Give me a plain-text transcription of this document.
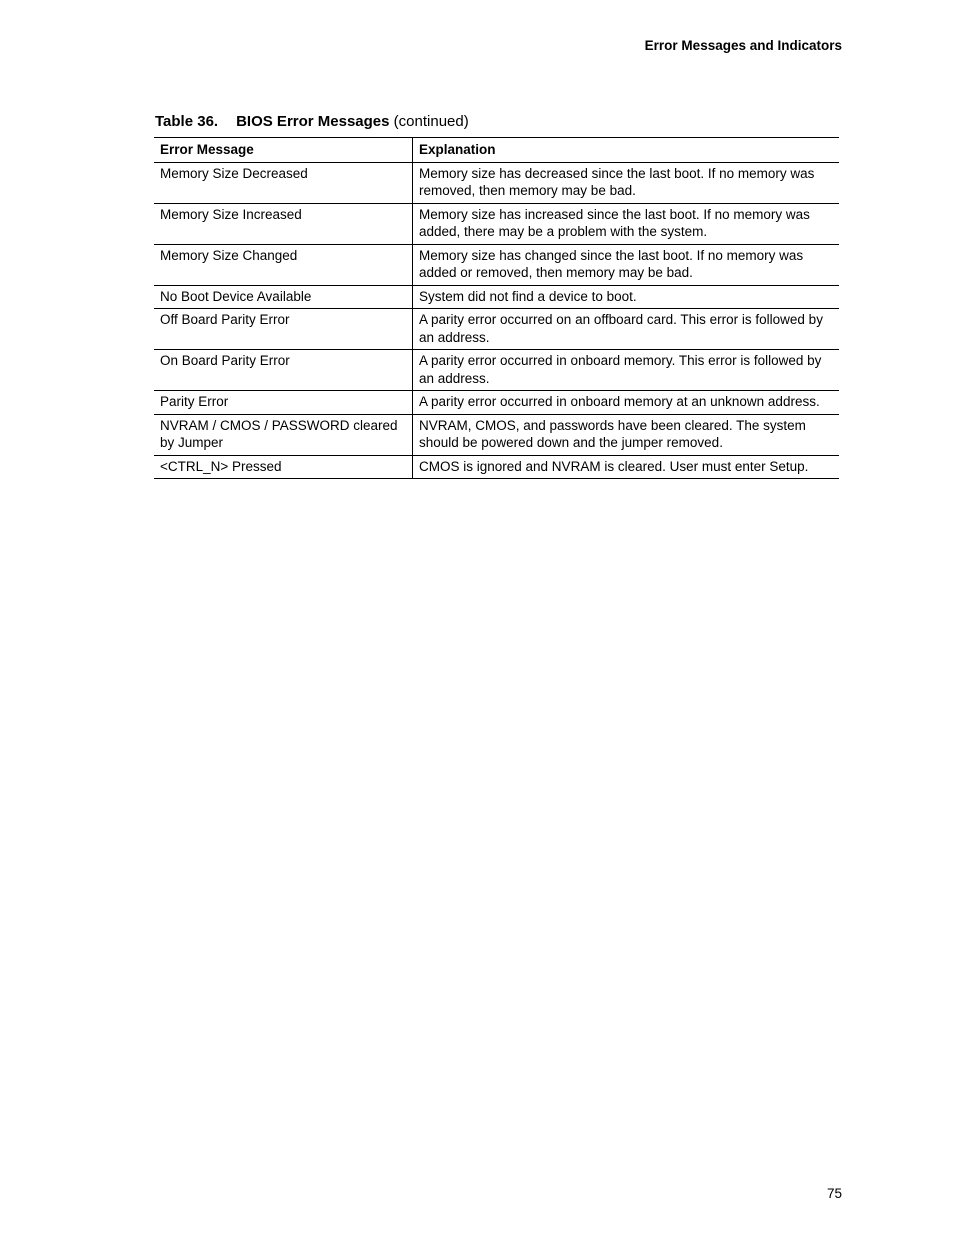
Error Messages and Indicators
Table 36. BIOS Error Messages (continued)
Error Message	Explanation
Memory Size Decreased	Memory size has decreased since the last boot. If no memory was removed, then memory may be bad.
Memory Size Increased	Memory size has increased since the last boot. If no memory was added, there may be a problem with the system.
Memory Size Changed	Memory size has changed since the last boot. If no memory was added or removed, then memory may be bad.
No Boot Device Available	System did not find a device to boot.
Off Board Parity Error	A parity error occurred on an offboard card. This error is followed by an address.
On Board Parity Error	A parity error occurred in onboard memory. This error is followed by an address.
Parity Error	A parity error occurred in onboard memory at an unknown address.
NVRAM / CMOS / PASSWORD cleared by Jumper	NVRAM, CMOS, and passwords have been cleared. The system should be powered down and the jumper removed.
<CTRL_N> Pressed	CMOS is ignored and NVRAM is cleared. User must enter Setup.
75
